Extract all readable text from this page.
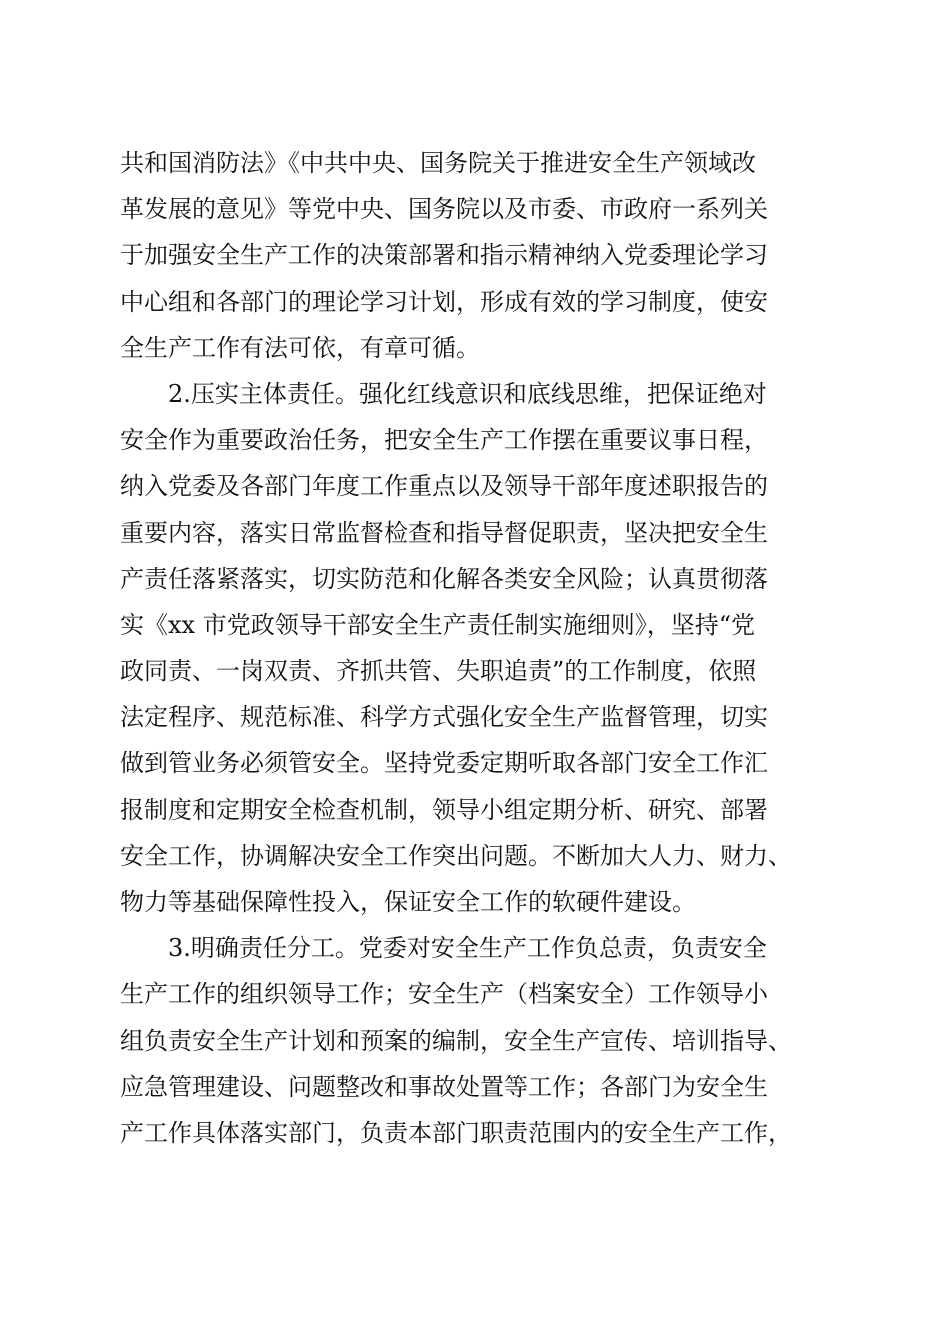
共和国消防法》《中共中央、国务院关于推进安全生产领域改
革发展的意见》等党中央、国务院以及市委、市政府一系列关
于加强安全生产工作的决策部署和指示精神纳入党委理论学习
中心组和各部门的理论学习计划，形成有效的学习制度，使安
全生产工作有法可依，有章可循。
2.压实主体责任。强化红线意识和底线思维，把保证绝对
安全作为重要政治任务，把安全生产工作摆在重要议事日程，
纳入党委及各部门年度工作重点以及领导干部年度述职报告的
重要内容，落实日常监督检查和指导督促职责，坚决把安全生
产责任落紧落实，切实防范和化解各类安全风险；认真贯彻落
实《xx 市党政领导干部安全生产责任制实施细则》，坚持“党
政同责、一岗双责、齐抓共管、失职追责”的工作制度，依照
法定程序、规范标准、科学方式强化安全生产监督管理，切实
做到管业务必须管安全。坚持党委定期听取各部门安全工作汇
报制度和定期安全检查机制，领导小组定期分析、研究、部署
安全工作，协调解决安全工作突出问题。不断加大人力、财力、
物力等基础保障性投入，保证安全工作的软硬件建设。
3.明确责任分工。党委对安全生产工作负总责，负责安全
生产工作的组织领导工作；安全生产（档案安全）工作领导小
组负责安全生产计划和预案的编制，安全生产宣传、培训指导、
应急管理建设、问题整改和事故处置等工作；各部门为安全生
产工作具体落实部门，负责本部门职责范围内的安全生产工作，
